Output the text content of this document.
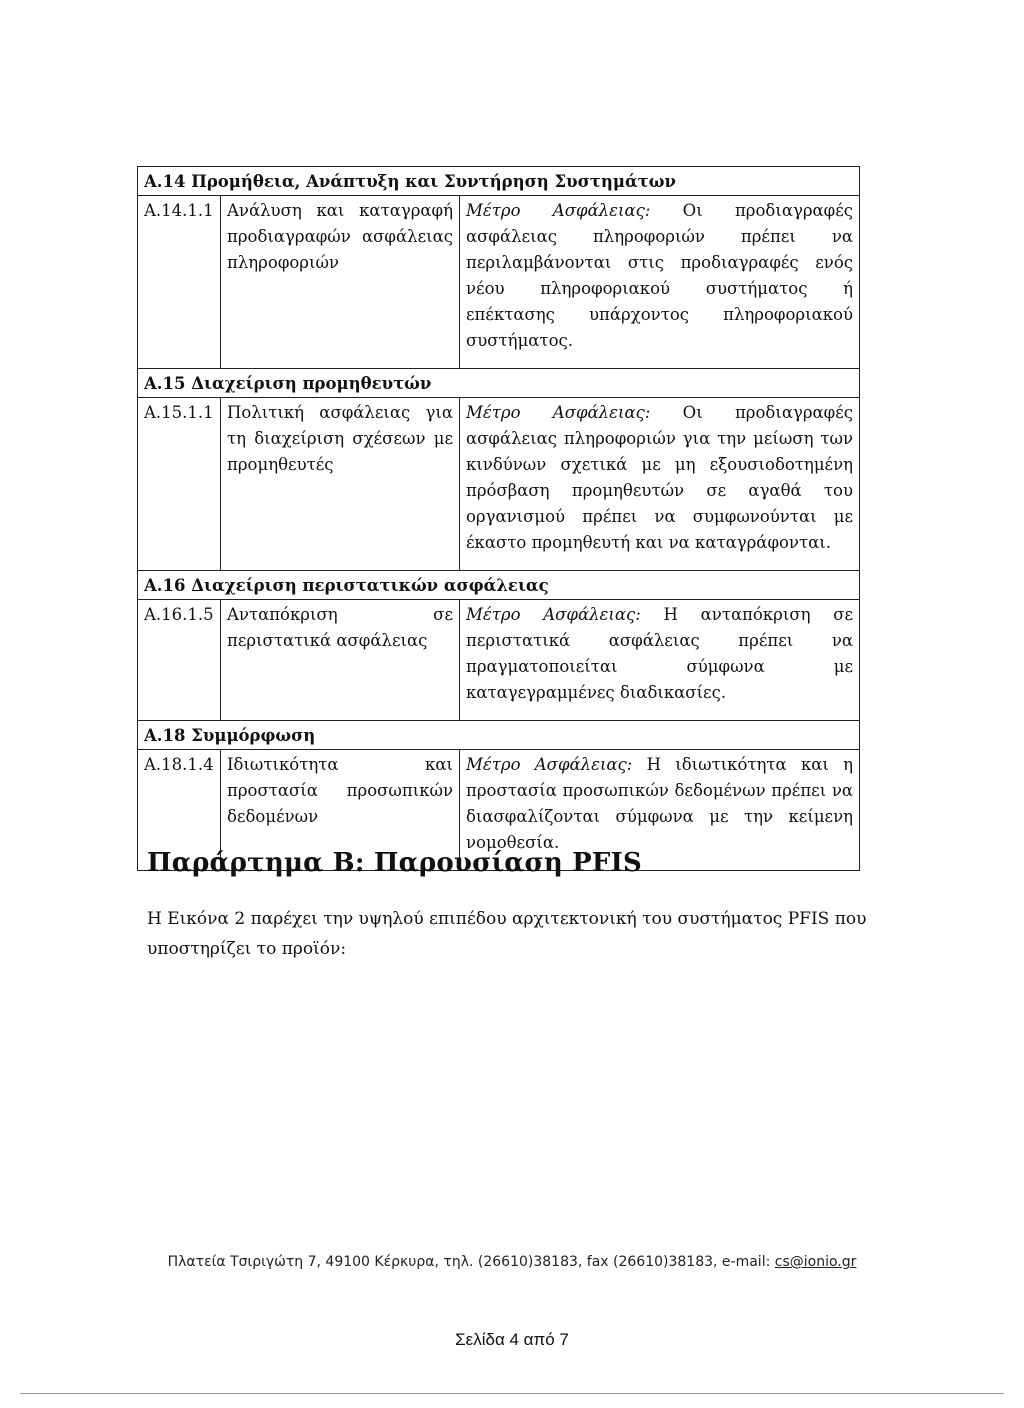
Α.14 Προμήθεια, Ανάπτυξη και Συντήρηση Συστημάτων		
Α.14.1.1	Ανάλυση και καταγραφή προδιαγραφών ασφάλειας πληροφοριών	Μέτρο Ασφάλειας: Οι προδιαγραφές ασφάλειας πληροφοριών πρέπει να περιλαμβάνονται στις προδιαγραφές ενός νέου πληροφοριακού συστήματος ή επέκτασης υπάρχοντος πληροφοριακού συστήματος.
Α.15 Διαχείριση προμηθευτών		
Α.15.1.1	Πολιτική ασφάλειας για τη διαχείριση σχέσεων με προμηθευτές	Μέτρο Ασφάλειας: Οι προδιαγραφές ασφάλειας πληροφοριών για την μείωση των κινδύνων σχετικά με μη εξουσιοδοτημένη πρόσβαση προμηθευτών σε αγαθά του οργανισμού πρέπει να συμφωνούνται με έκαστο προμηθευτή και να καταγράφονται.
Α.16 Διαχείριση περιστατικών ασφάλειας		
Α.16.1.5	Ανταπόκριση σε περιστατικά ασφάλειας	Μέτρο Ασφάλειας: Η ανταπόκριση σε περιστατικά ασφάλειας πρέπει να πραγματοποιείται σύμφωνα με καταγεγραμμένες διαδικασίες.
Α.18 Συμμόρφωση		
Α.18.1.4	Ιδιωτικότητα και προστασία προσωπικών δεδομένων	Μέτρο Ασφάλειας: Η ιδιωτικότητα και η προστασία προσωπικών δεδομένων πρέπει να διασφαλίζονται σύμφωνα με την κείμενη νομοθεσία.
Παράρτημα Β: Παρουσίαση PFIS

Η Εικόνα 2 παρέχει την υψηλού επιπέδου αρχιτεκτονική του συστήματος PFIS που υποστηρίζει το προϊόν:

Πλατεία Τσιριγώτη 7, 49100 Κέρκυρα, τηλ. (26610)38183, fax (26610)38183, e-mail: cs@ionio.gr
Σελίδα 4 από 7
